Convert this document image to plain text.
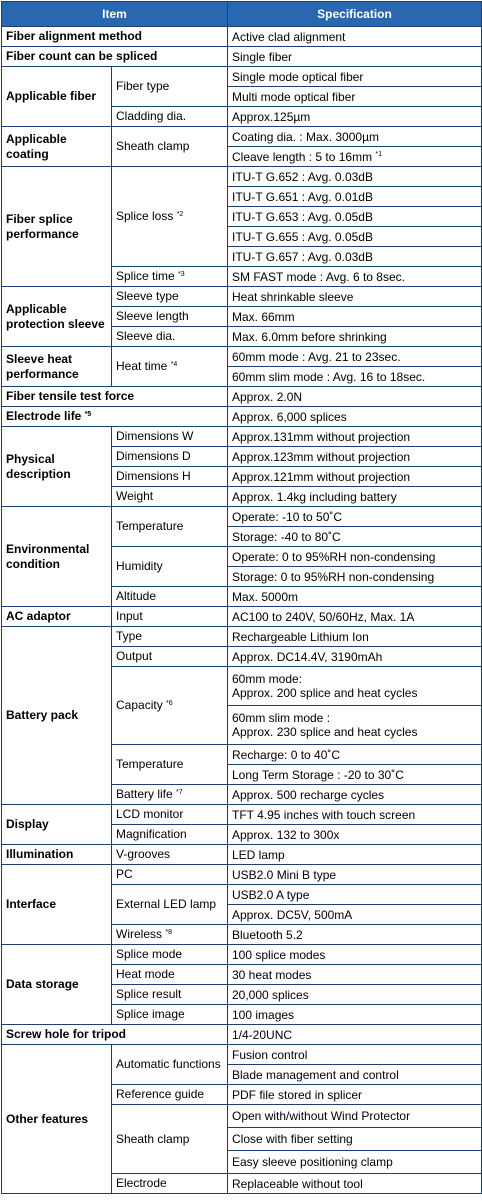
Item		Specification
Fiber alignment method		Active clad alignment
Fiber count can be spliced		Single fiber
Applicable fiber	Fiber type	Single mode optical fiber
		Multi mode optical fiber
	Cladding dia.	Approx.125µm
Applicable coating	Sheath clamp	Coating dia. : Max. 3000µm
		Cleave length : 5 to 16mm $^{*1}$
Fiber splice performance	Splice loss $^{*2}$	ITU-T G.652 : Avg. 0.03dB
		ITU-T G.651 : Avg. 0.01dB
		ITU-T G.653 : Avg. 0.05dB
		ITU-T G.655 : Avg. 0.05dB
		ITU-T G.657 : Avg. 0.03dB
	Splice time $^{*3}$	SM FAST mode : Avg. 6 to 8sec.
Applicable protection sleeve	Sleeve type	Heat shrinkable sleeve
	Sleeve length	Max. 66mm
	Sleeve dia.	Max. 6.0mm before shrinking
Sleeve heat performance	Heat time $^{*4}$	60mm mode : Avg. 21 to 23sec.
		60mm slim mode : Avg. 16 to 18sec.
Fiber tensile test force		Approx. 2.0N
Electrode life $^{*5}$		Approx. 6,000 splices
Physical description	Dimensions W	Approx.131mm without projection
	Dimensions D	Approx.123mm without projection
	Dimensions H	Approx.121mm without projection
	Weight	Approx. 1.4kg including battery
Environmental condition	Temperature	Operate: -10 to 50˚C
		Storage: -40 to 80˚C
	Humidity	Operate: 0 to 95%RH non-condensing
		Storage: 0 to 95%RH non-condensing
	Altitude	Max. 5000m
AC adaptor	Input	AC100 to 240V, 50/60Hz, Max. 1A
Battery pack	Type	Rechargeable Lithium Ion
	Output	Approx. DC14.4V, 3190mAh
	Capacity $^{*6}$	60mm mode:
Approx. 200 splice and heat cycles
		60mm slim mode :
Approx. 230 splice and heat cycles
	Temperature	Recharge: 0 to 40˚C
		Long Term Storage : -20 to 30˚C
	Battery life $^{*7}$	Approx. 500 recharge cycles
Display	LCD monitor	TFT 4.95 inches with touch screen
	Magnification	Approx. 132 to 300x
Illumination	V-grooves	LED lamp
Interface	PC	USB2.0 Mini B type
	External LED lamp	USB2.0 A type
		Approx. DC5V, 500mA
	Wireless $^{*8}$	Bluetooth 5.2
Data storage	Splice mode	100 splice modes
	Heat mode	30 heat modes
	Splice result	20,000 splices
	Splice image	100 images
Screw hole for tripod		1/4-20UNC
Other features	Automatic functions	Fusion control
		Blade management and control
	Reference guide	PDF file stored in splicer
	Sheath clamp	Open with/without Wind Protector
		Close with fiber setting
		Easy sleeve positioning clamp
	Electrode	Replaceable without tool
